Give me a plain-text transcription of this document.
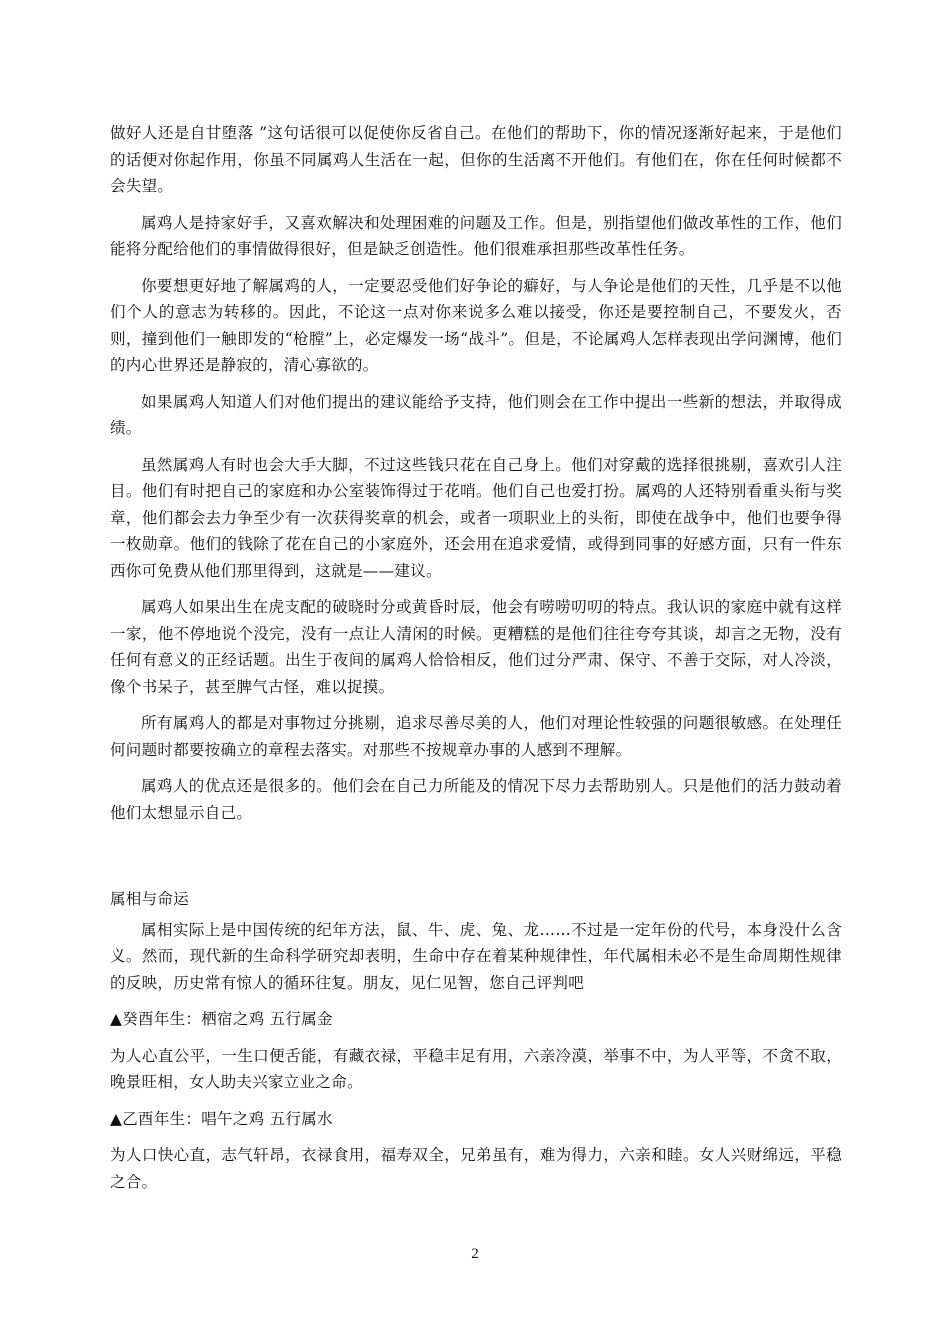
做好人还是自甘堕落 ”这句话很可以促使你反省自己。在他们的帮助下，你的情况逐渐好起来，于是他们的话便对你起作用，你虽不同属鸡人生活在一起，但你的生活离不开他们。有他们在，你在任何时候都不会失望。

属鸡人是持家好手，又喜欢解决和处理困难的问题及工作。但是，别指望他们做改革性的工作，他们能将分配给他们的事情做得很好，但是缺乏创造性。他们很难承担那些改革性任务。

你要想更好地了解属鸡的人，一定要忍受他们好争论的癖好，与人争论是他们的天性，几乎是不以他们个人的意志为转移的。因此，不论这一点对你来说多么难以接受，你还是要控制自己，不要发火，否则，撞到他们一触即发的“枪膛”上，必定爆发一场“战斗”。但是，不论属鸡人怎样表现出学问渊博，他们的内心世界还是静寂的，清心寡欲的。

如果属鸡人知道人们对他们提出的建议能给予支持，他们则会在工作中提出一些新的想法，并取得成绩。

虽然属鸡人有时也会大手大脚，不过这些钱只花在自己身上。他们对穿戴的选择很挑剔，喜欢引人注目。他们有时把自己的家庭和办公室装饰得过于花哨。他们自己也爱打扮。属鸡的人还特别看重头衔与奖章，他们都会去力争至少有一次获得奖章的机会，或者一项职业上的头衔，即使在战争中，他们也要争得一枚勋章。他们的钱除了花在自己的小家庭外，还会用在追求爱情，或得到同事的好感方面，只有一件东西你可免费从他们那里得到，这就是——建议。

属鸡人如果出生在虎支配的破晓时分或黄昏时辰，他会有唠唠叨叨的特点。我认识的家庭中就有这样一家，他不停地说个没完，没有一点让人清闲的时候。更糟糕的是他们往往夸夸其谈，却言之无物，没有任何有意义的正经话题。出生于夜间的属鸡人恰恰相反，他们过分严肃、保守、不善于交际，对人冷淡，像个书呆子，甚至脾气古怪，难以捉摸。

所有属鸡人的都是对事物过分挑剔，追求尽善尽美的人，他们对理论性较强的问题很敏感。在处理任何问题时都要按确立的章程去落实。对那些不按规章办事的人感到不理解。

属鸡人的优点还是很多的。他们会在自己力所能及的情况下尽力去帮助别人。只是他们的活力鼓动着他们太想显示自己。

属相与命运

属相实际上是中国传统的纪年方法，鼠、牛、虎、兔、龙……不过是一定年份的代号，本身没什么含义。然而，现代新的生命科学研究却表明，生命中存在着某种规律性，年代属相未必不是生命周期性规律的反映，历史常有惊人的循环往复。朋友，见仁见智，您自己评判吧

▲癸酉年生：栖宿之鸡 五行属金

为人心直公平，一生口便舌能，有藏衣禄，平稳丰足有用，六亲冷漠，举事不中，为人平等，不贪不取，晚景旺相，女人助夫兴家立业之命。

▲乙酉年生：唱午之鸡 五行属水

为人口快心直，志气轩昂，衣禄食用，福寿双全，兄弟虽有，难为得力，六亲和睦。女人兴财绵远，平稳之合。

2
